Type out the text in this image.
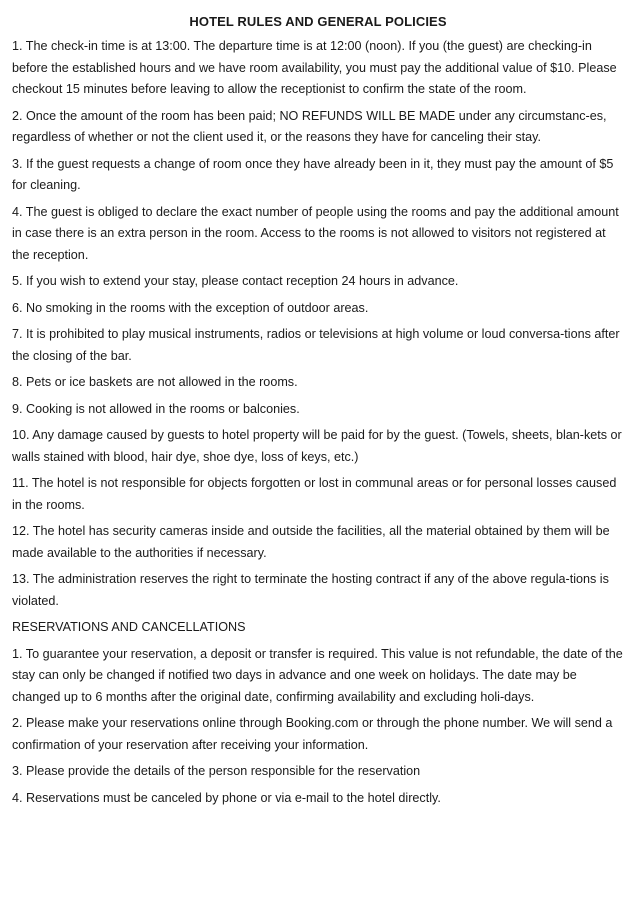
HOTEL RULES AND GENERAL POLICIES

1. The check-in time is at 13:00. The departure time is at 12:00 (noon). If you (the guest) are checking-in before the established hours and we have room availability, you must pay the additional value of $10. Please checkout 15 minutes before leaving to allow the receptionist to confirm the state of the room.

2. Once the amount of the room has been paid; NO REFUNDS WILL BE MADE under any circumstanc-es, regardless of whether or not the client used it, or the reasons they have for canceling their stay.

3. If the guest requests a change of room once they have already been in it, they must pay the amount of $5 for cleaning.

4. The guest is obliged to declare the exact number of people using the rooms and pay the additional amount in case there is an extra person in the room. Access to the rooms is not allowed to visitors not registered at the reception.

5. If you wish to extend your stay, please contact reception 24 hours in advance.

6. No smoking in the rooms with the exception of outdoor areas.

7. It is prohibited to play musical instruments, radios or televisions at high volume or loud conversa-tions after the closing of the bar.

8. Pets or ice baskets are not allowed in the rooms.

9. Cooking is not allowed in the rooms or balconies.

10. Any damage caused by guests to hotel property will be paid for by the guest. (Towels, sheets, blan-kets or walls stained with blood, hair dye, shoe dye, loss of keys, etc.)

11. The hotel is not responsible for objects forgotten or lost in communal areas or for personal losses caused in the rooms.

12. The hotel has security cameras inside and outside the facilities, all the material obtained by them will be made available to the authorities if necessary.

13. The administration reserves the right to terminate the hosting contract if any of the above regula-tions is violated.

RESERVATIONS AND CANCELLATIONS

1. To guarantee your reservation, a deposit or transfer is required. This value is not refundable, the date of the stay can only be changed if notified two days in advance and one week on holidays. The date may be changed up to 6 months after the original date, confirming availability and excluding holi-days.

2. Please make your reservations online through Booking.com or through the phone number. We will send a confirmation of your reservation after receiving your information.

3. Please provide the details of the person responsible for the reservation

4. Reservations must be canceled by phone or via e-mail to the hotel directly.
